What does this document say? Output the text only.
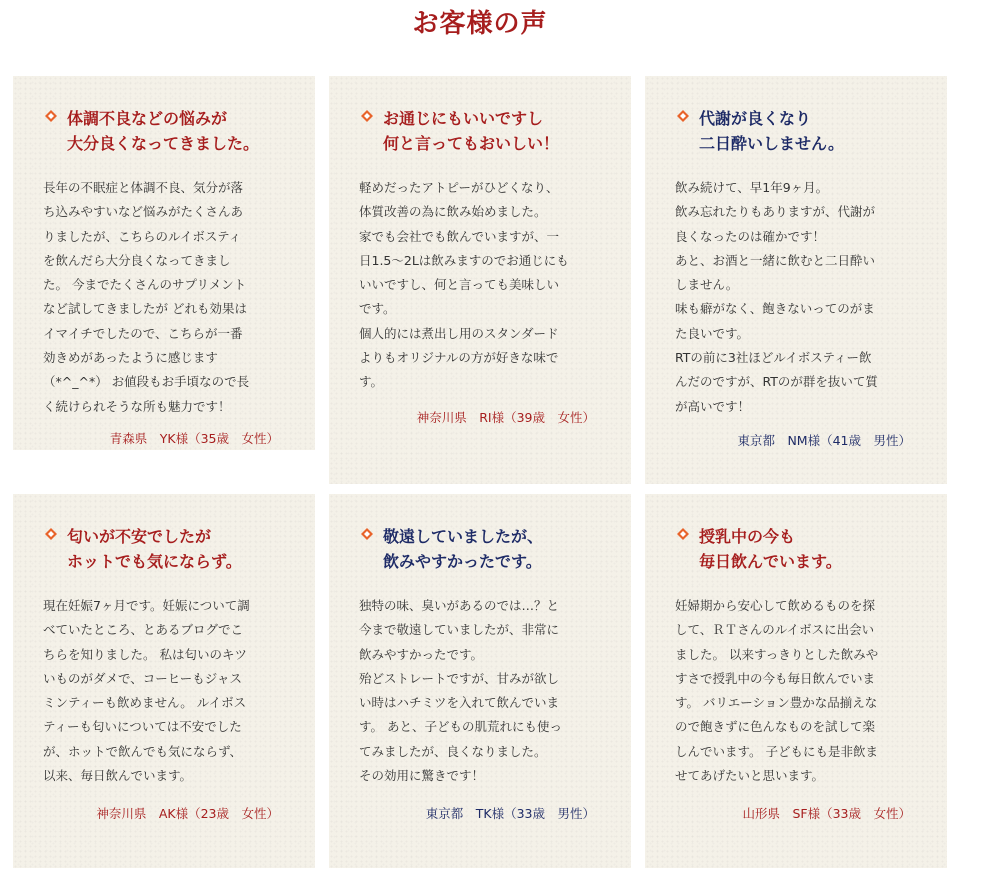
お客様の声
体調不良などの悩みが
大分良くなってきました。
長年の不眠症と体調不良、気分が落
ち込みやすいなど悩みがたくさんあ
りましたが、こちらのルイボスティ
を飲んだら大分良くなってきまし
た。 今までたくさんのサプリメント
など試してきましたが どれも効果は
イマイチでしたので、こちらが一番
効きめがあったように感じます
（*^_^*） お値段もお手頃なので長
く続けられそうな所も魅力です！
青森県　YK様（35歳　女性）
お通じにもいいですし
何と言ってもおいしい！
軽めだったアトピーがひどくなり、
体質改善の為に飲み始めました。
家でも会社でも飲んでいますが、一
日1.5～2Lは飲みますのでお通じにも
いいですし、何と言っても美味しい
です。
個人的には煮出し用のスタンダード
よりもオリジナルの方が好きな味で
す。
神奈川県　RI様（39歳　女性）
代謝が良くなり
二日酔いしません。
飲み続けて、早1年9ヶ月。
飲み忘れたりもありますが、代謝が
良くなったのは確かです！
あと、お酒と一緒に飲むと二日酔い
しません。
味も癖がなく、飽きないってのがま
た良いです。
RTの前に3社ほどルイボスティー飲
んだのですが、RTのが群を抜いて質
が高いです！
東京都　NM様（41歳　男性）
匂いが不安でしたが
ホットでも気にならず。
現在妊娠7ヶ月です。妊娠について調
べていたところ、とあるブログでこ
ちらを知りました。 私は匂いのキツ
いものがダメで、コーヒーもジャス
ミンティーも飲めません。 ルイボス
ティーも匂いについては不安でした
が、ホットで飲んでも気にならず、
以来、毎日飲んでいます。
神奈川県　AK様（23歳　女性）
敬遠していましたが、
飲みやすかったです。
独特の味、臭いがあるのでは…？と
今まで敬遠していましたが、非常に
飲みやすかったです。
殆どストレートですが、甘みが欲し
い時はハチミツを入れて飲んでいま
す。 あと、子どもの肌荒れにも使っ
てみましたが、良くなりました。
その効用に驚きです！
東京都　TK様（33歳　男性）
授乳中の今も
毎日飲んでいます。
妊婦期から安心して飲めるものを探
して、ＲＴさんのルイボスに出会い
ました。 以来すっきりとした飲みや
すさで授乳中の今も毎日飲んでいま
す。 バリエーション豊かな品揃えな
ので飽きずに色んなものを試して楽
しんでいます。 子どもにも是非飲ま
せてあげたいと思います。
山形県　SF様（33歳　女性）
